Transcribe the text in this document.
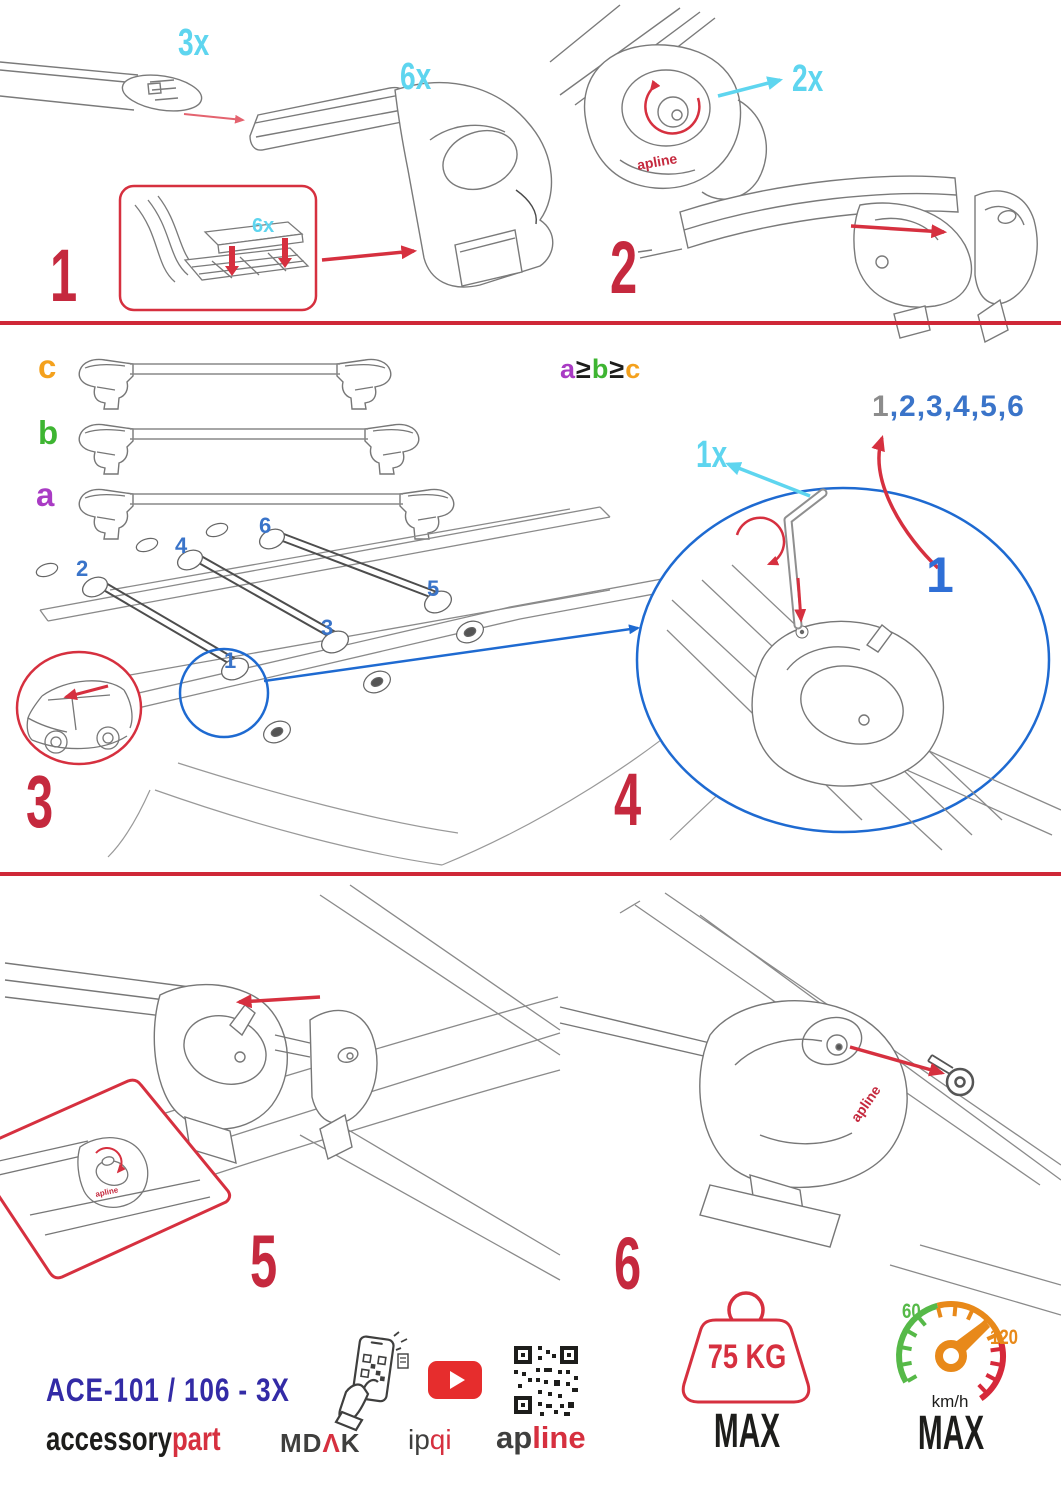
6x
3x
6x
1
apline
2x
2
c
b
a
a≥b≥c
1
2
3
4
5
6
3
1x
1,2,3,4,5,6
1
4
apline
5
apline
6
ACE-101 / 106 - 3X
accessorypart MDΛK ipqi apline
75 KG
MAX
60
120
km/h
MAX
